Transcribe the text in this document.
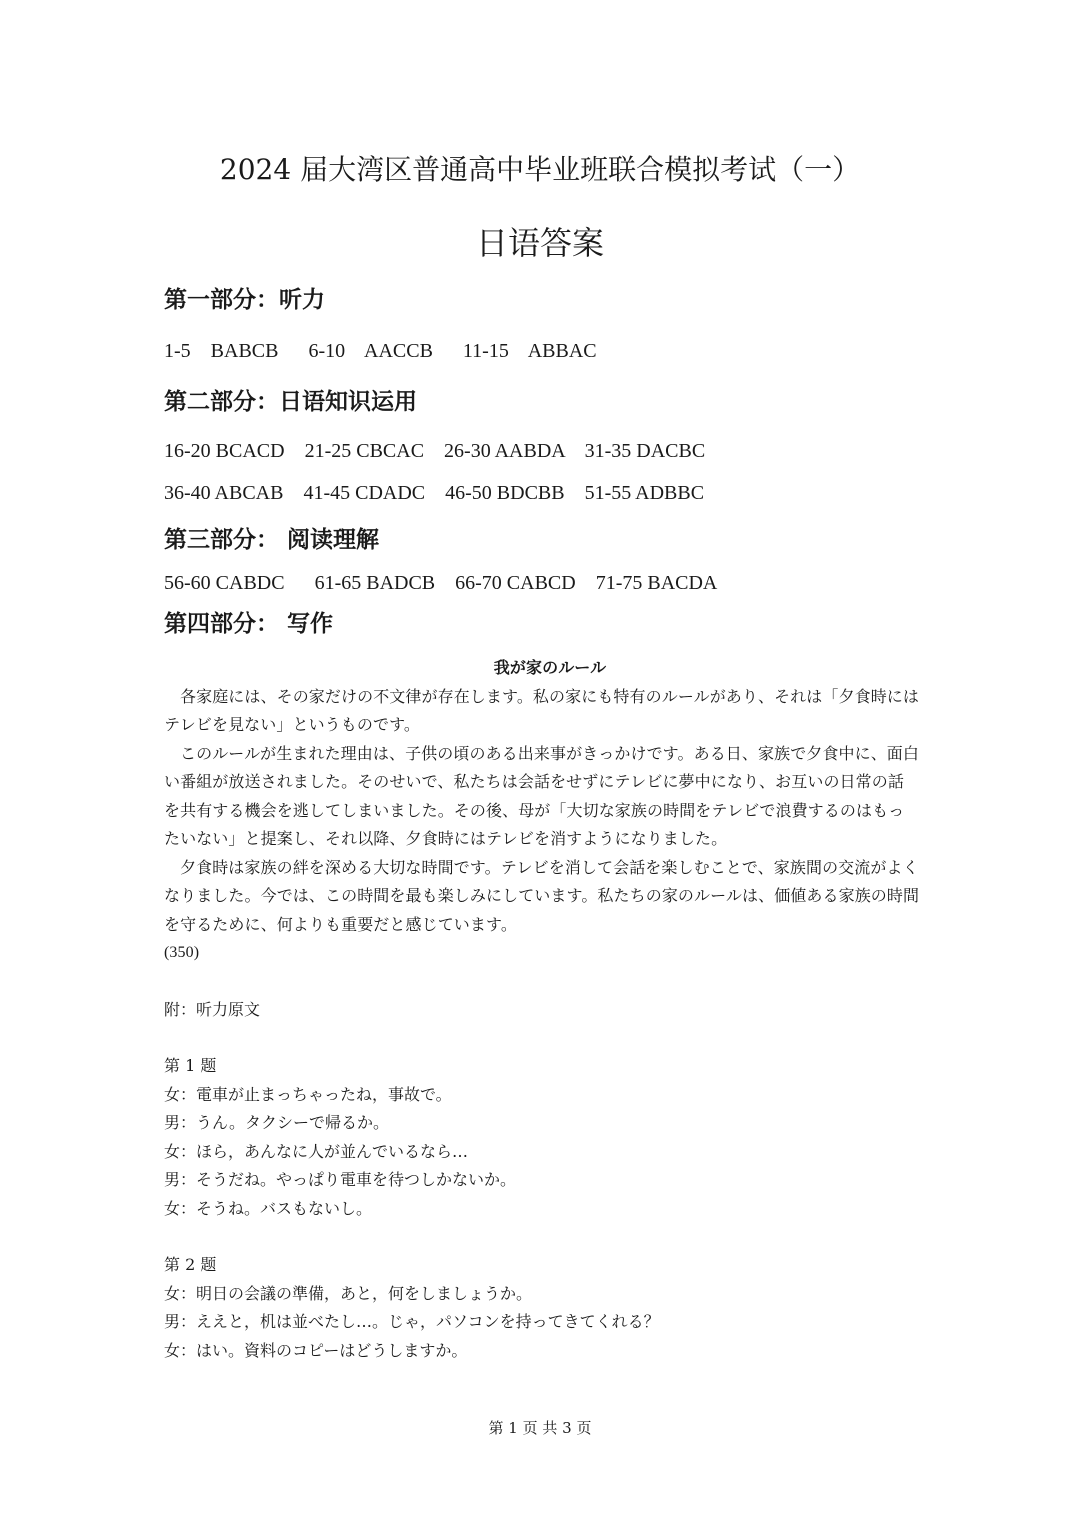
2024 届大湾区普通高中毕业班联合模拟考试（一）
日语答案

第一部分：听力

1-5    BABCB      6-10    AACCB      11-15    ABBAC

第二部分：日语知识运用

16-20 BCACD    21-25 CBCAC    26-30 AABDA    31-35 DACBC

36-40 ABCAB    41-45 CDADC    46-50 BDCBB    51-55 ADBBC

第三部分： 阅读理解

56-60 CABDC      61-65 BADCB    66-70 CABCD    71-75 BACDA

第四部分： 写作

我が家のルール

各家庭には、その家だけの不文律が存在します。私の家にも特有のルールがあり、それは「夕食時にはテレビを見ない」というものです。

このルールが生まれた理由は、子供の頃のある出来事がきっかけです。ある日、家族で夕食中に、面白い番組が放送されました。そのせいで、私たちは会話をせずにテレビに夢中になり、お互いの日常の話を共有する機会を逃してしまいました。その後、母が「大切な家族の時間をテレビで浪費するのはもったいない」と提案し、それ以降、夕食時にはテレビを消すようになりました。

夕食時は家族の絆を深める大切な時間です。テレビを消して会話を楽しむことで、家族間の交流がよくなりました。今では、この時間を最も楽しみにしています。私たちの家のルールは、価値ある家族の時間を守るために、何よりも重要だと感じています。

(350)

附：听力原文

第 1 题

女：電車が止まっちゃったね，事故で。

男：うん。タクシーで帰るか。

女：ほら，あんなに人が並んでいるなら…

男：そうだね。やっぱり電車を待つしかないか。

女：そうね。バスもないし。

第 2 题

女：明日の会議の準備，あと，何をしましょうか。

男：ええと，机は並べたし…。じゃ，パソコンを持ってきてくれる？

女：はい。資料のコピーはどうしますか。

第 1 页 共 3 页
